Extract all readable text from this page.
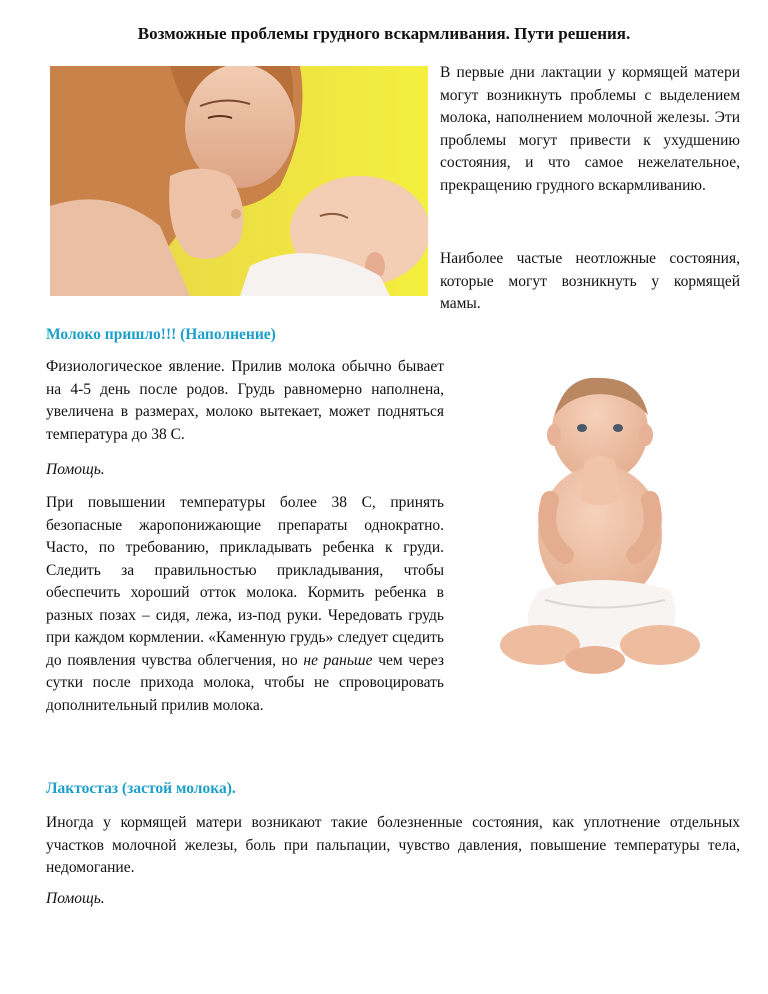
Возможные проблемы грудного вскармливания. Пути решения.
В первые дни лактации у кормящей матери могут возникнуть проблемы с выделением молока, наполнением молочной железы. Эти проблемы могут привести к ухудшению состояния, и что самое нежелательное, прекращению грудного вскармливанию.
Наиболее частые неотложные состояния, которые могут возникнуть у кормящей мамы.
Молоко пришло!!! (Наполнение)
Физиологическое явление. Прилив молока обычно бывает на 4-5 день после родов. Грудь равномерно наполнена, увеличена в размерах, молоко вытекает, может подняться температура до 38 С.
Помощь.
При повышении температуры более 38 С, принять безопасные жаропонижающие препараты однократно. Часто, по требованию, прикладывать ребенка к груди. Следить за правильностью прикладывания, чтобы обеспечить хороший отток молока. Кормить ребенка в разных позах – сидя, лежа, из-под руки. Чередовать грудь при каждом кормлении. «Каменную грудь» следует сцедить до появления чувства облегчения, но не раньше чем через сутки после прихода молока, чтобы не спровоцировать дополнительный прилив молока.
Лактостаз (застой молока).
Иногда у кормящей матери возникают такие болезненные состояния, как уплотнение отдельных участков молочной железы, боль при пальпации, чувство давления, повышение температуры тела, недомогание.
Помощь.
